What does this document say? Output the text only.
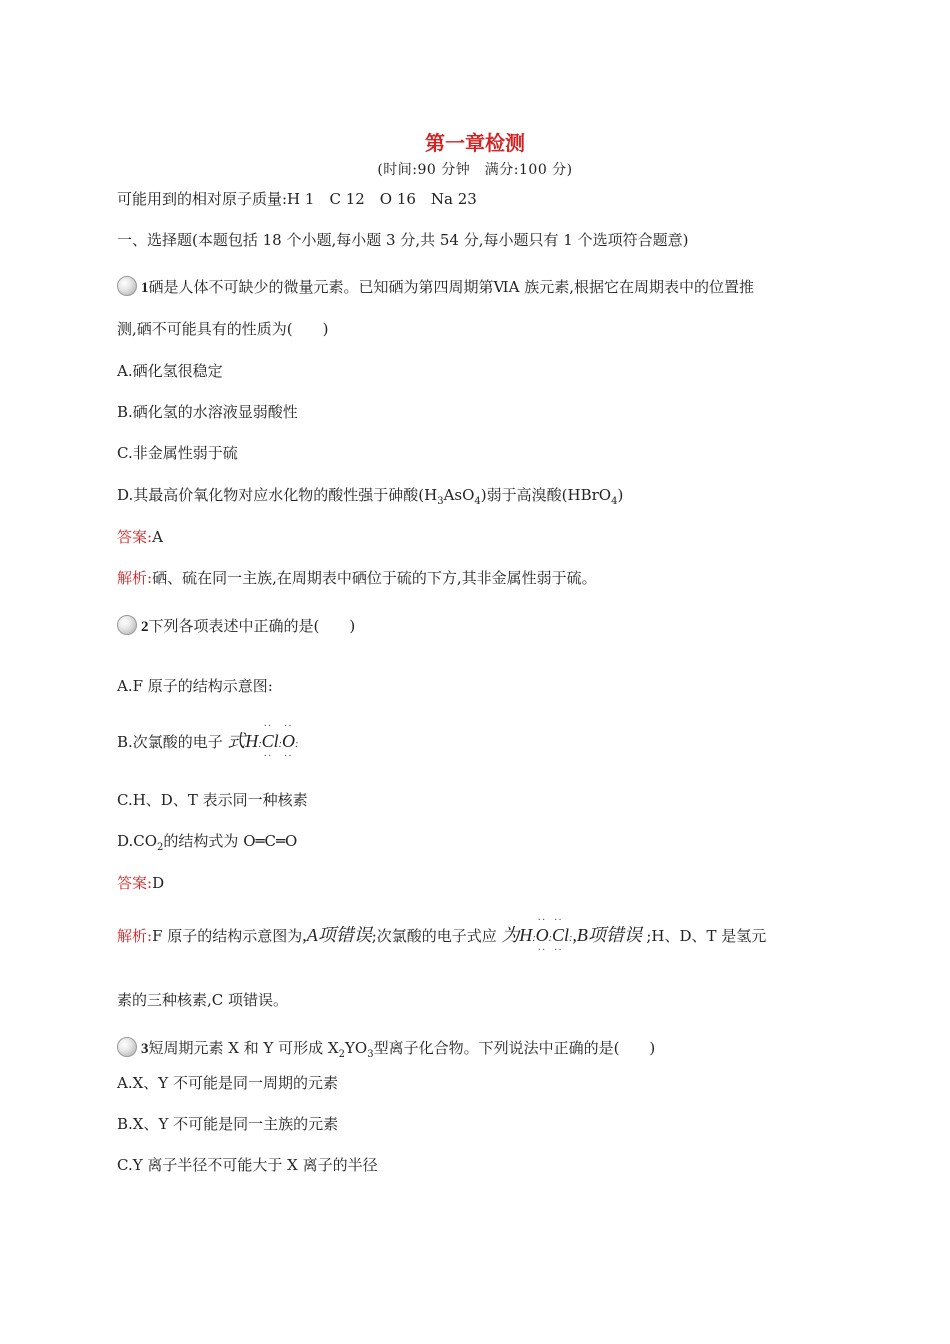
第一章检测
(时间:90 分钟　满分:100 分)
可能用到的相对原子质量:H 1　C 12　O 16　Na 23
一、选择题(本题包括 18 个小题,每小题 3 分,共 54 分,每小题只有 1 个选项符合题意)
1硒是人体不可缺少的微量元素。已知硒为第四周期第ⅥA 族元素,根据它在周期表中的位置推
测,硒不可能具有的性质为(　　)
A.硒化氢很稳定
B.硒化氢的水溶液显弱酸性
C.非金属性弱于硫
D.其最高价氧化物对应水化物的酸性强于砷酸$(H_3AsO_4)$弱于高溴酸(HBrO$_4$)
答案:A
解析:硒、硫在同一主族,在周期表中硒位于硫的下方,其非金属性弱于硫。
2下列各项表述中正确的是(　　)
A.F 原子的结构示意图:
B.次氯酸的电子 式H:
··
Cl
··
:
··
O
··
:
C.H、D、T 表示同一种核素
$D.CO_2$的结构式为 O═C═O
答案:D
解析:F 原子的结构示意图为,A项错误;次氯酸的电子式应 为H:
··
O
··
:
··
Cl
··
:,B项错误 ;H、D、T 是氢元
素的三种核素,C 项错误。
3短周期元素 X 和 Y 可形成 $X_2YO_3$型离子化合物。下列说法中正确的是(　　)
A.X、Y 不可能是同一周期的元素
B.X、Y 不可能是同一主族的元素
C.Y 离子半径不可能大于 X 离子的半径
